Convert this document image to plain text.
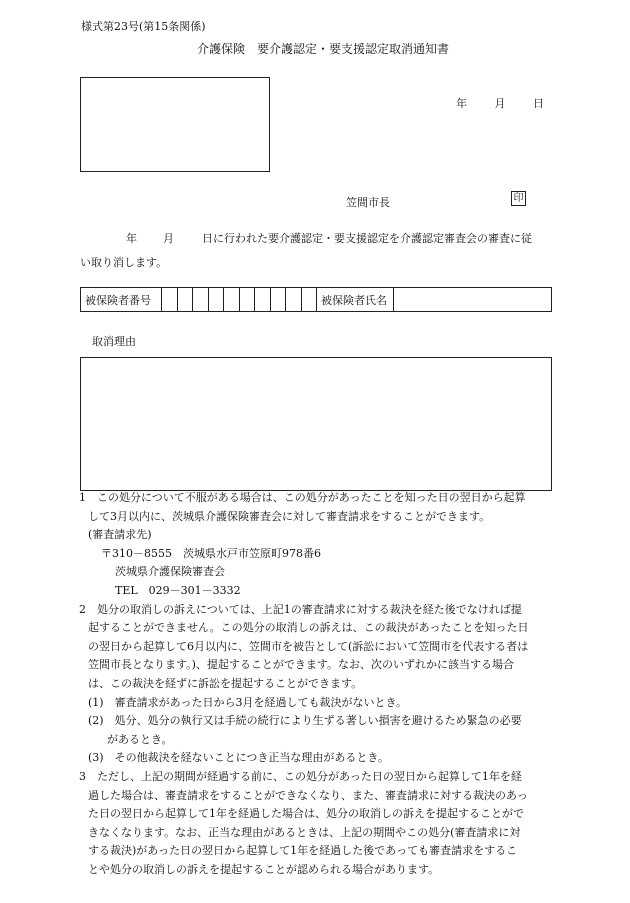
様式第23号(第15条関係)
介護保険　要介護認定・要支援認定取消通知書
年	月	日
笠間市長	印
年 月	日に行われた要介護認定・要支援認定を介護認定審査会の審査に従
い取り消します。
被保険者番号											被保険者氏名	
取消理由

1　この処分について不服がある場合は、この処分があったことを知った日の翌日から起算

して3月以内に、茨城県介護保険審査会に対して審査請求をすることができます。

(審査請求先)

〒310－8555　茨城県水戸市笠原町978番6

茨城県介護保険審査会

TEL　029－301－3332

2　処分の取消しの訴えについては、上記1の審査請求に対する裁決を経た後でなければ提

起することができません。この処分の取消しの訴えは、この裁決があったことを知った日

の翌日から起算して6月以内に、笠間市を被告として(訴訟において笠間市を代表する者は

笠間市長となります。)、提起することができます。なお、次のいずれかに該当する場合

は、この裁決を経ずに訴訟を提起することができます。

(1)　審査請求があった日から3月を経過しても裁決がないとき。

(2)　処分、処分の執行又は手続の続行により生ずる著しい損害を避けるため緊急の必要

があるとき。

(3)　その他裁決を経ないことにつき正当な理由があるとき。

3　ただし、上記の期間が経過する前に、この処分があった日の翌日から起算して1年を経

過した場合は、審査請求をすることができなくなり、また、審査請求に対する裁決のあっ

た日の翌日から起算して1年を経過した場合は、処分の取消しの訴えを提起することがで

きなくなります。なお、正当な理由があるときは、上記の期間やこの処分(審査請求に対

する裁決)があった日の翌日から起算して1年を経過した後であっても審査請求をするこ

とや処分の取消しの訴えを提起することが認められる場合があります。
